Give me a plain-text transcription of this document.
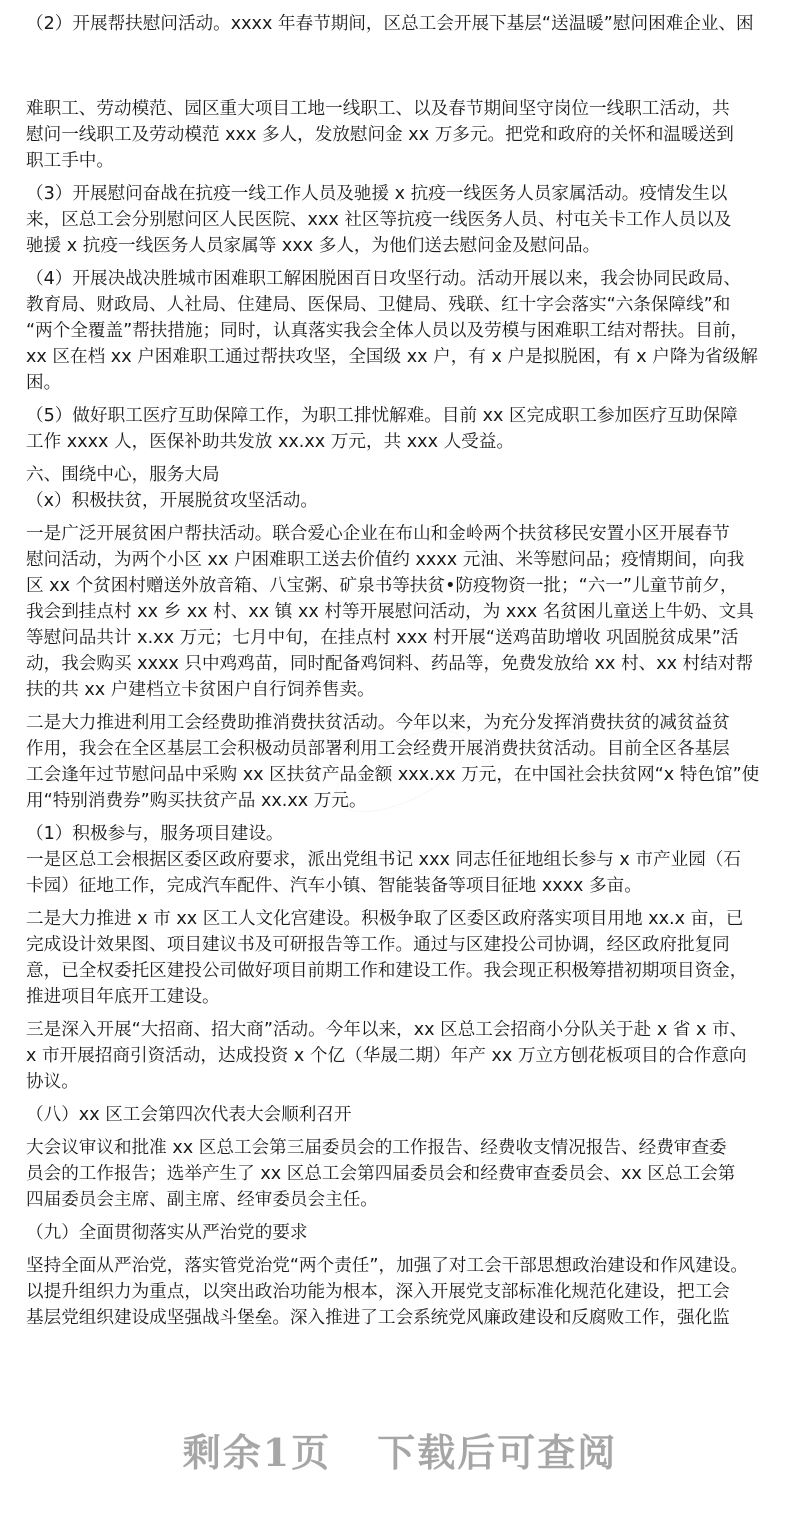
（2）开展帮扶慰问活动。xxxx 年春节期间，区总工会开展下基层“送温暖”慰问困难企业、困
难职工、劳动模范、园区重大项目工地一线职工、以及春节期间坚守岗位一线职工活动，共
慰问一线职工及劳动模范 xxx 多人，发放慰问金 xx 万多元。把党和政府的关怀和温暖送到
职工手中。
（3）开展慰问奋战在抗疫一线工作人员及驰援 x 抗疫一线医务人员家属活动。疫情发生以
来，区总工会分别慰问区人民医院、xxx 社区等抗疫一线医务人员、村屯关卡工作人员以及
驰援 x 抗疫一线医务人员家属等 xxx 多人，为他们送去慰问金及慰问品。
（4）开展决战决胜城市困难职工解困脱困百日攻坚行动。活动开展以来，我会协同民政局、
教育局、财政局、人社局、住建局、医保局、卫健局、残联、红十字会落实“六条保障线”和
“两个全覆盖”帮扶措施；同时，认真落实我会全体人员以及劳模与困难职工结对帮扶。目前，
xx 区在档 xx 户困难职工通过帮扶攻坚，全国级 xx 户，有 x 户是拟脱困，有 x 户降为省级解
困。
（5）做好职工医疗互助保障工作，为职工排忧解难。目前 xx 区完成职工参加医疗互助保障
工作 xxxx 人，医保补助共发放 xx.xx 万元，共 xxx 人受益。
六、围绕中心，服务大局
（x）积极扶贫，开展脱贫攻坚活动。
一是广泛开展贫困户帮扶活动。联合爱心企业在布山和金岭两个扶贫移民安置小区开展春节
慰问活动，为两个小区 xx 户困难职工送去价值约 xxxx 元油、米等慰问品；疫情期间，向我
区 xx 个贫困村赠送外放音箱、八宝粥、矿泉书等扶贫•防疫物资一批；“六一”儿童节前夕，
我会到挂点村 xx 乡 xx 村、xx 镇 xx 村等开展慰问活动，为 xxx 名贫困儿童送上牛奶、文具
等慰问品共计 x.xx 万元；七月中旬，在挂点村 xxx 村开展“送鸡苗助增收 巩固脱贫成果”活
动，我会购买 xxxx 只中鸡鸡苗，同时配备鸡饲料、药品等，免费发放给 xx 村、xx 村结对帮
扶的共 xx 户建档立卡贫困户自行饲养售卖。
二是大力推进利用工会经费助推消费扶贫活动。今年以来，为充分发挥消费扶贫的减贫益贫
作用，我会在全区基层工会积极动员部署利用工会经费开展消费扶贫活动。目前全区各基层
工会逢年过节慰问品中采购 xx 区扶贫产品金额 xxx.xx 万元，在中国社会扶贫网“x 特色馆”使
用“特别消费券”购买扶贫产品 xx.xx 万元。
（1）积极参与，服务项目建设。
一是区总工会根据区委区政府要求，派出党组书记 xxx 同志任征地组长参与 x 市产业园（石
卡园）征地工作，完成汽车配件、汽车小镇、智能装备等项目征地 xxxx 多亩。
二是大力推进 x 市 xx 区工人文化宫建设。积极争取了区委区政府落实项目用地 xx.x 亩，已
完成设计效果图、项目建议书及可研报告等工作。通过与区建投公司协调，经区政府批复同
意，已全权委托区建投公司做好项目前期工作和建设工作。我会现正积极筹措初期项目资金，
推进项目年底开工建设。
三是深入开展“大招商、招大商”活动。今年以来，xx 区总工会招商小分队关于赴 x 省 x 市、
x 市开展招商引资活动，达成投资 x 个亿（华晟二期）年产 xx 万立方刨花板项目的合作意向
协议。
（八）xx 区工会第四次代表大会顺利召开
大会议审议和批准 xx 区总工会第三届委员会的工作报告、经费收支情况报告、经费审查委
员会的工作报告；选举产生了 xx 区总工会第四届委员会和经费审查委员会、xx 区总工会第
四届委员会主席、副主席、经审委员会主任。
（九）全面贯彻落实从严治党的要求
坚持全面从严治党，落实管党治党“两个责任”，加强了对工会干部思想政治建设和作风建设。
以提升组织力为重点，以突出政治功能为根本，深入开展党支部标准化规范化建设，把工会
基层党组织建设成坚强战斗堡垒。深入推进了工会系统党风廉政建设和反腐败工作，强化监
剩余1页 下载后可查阅
